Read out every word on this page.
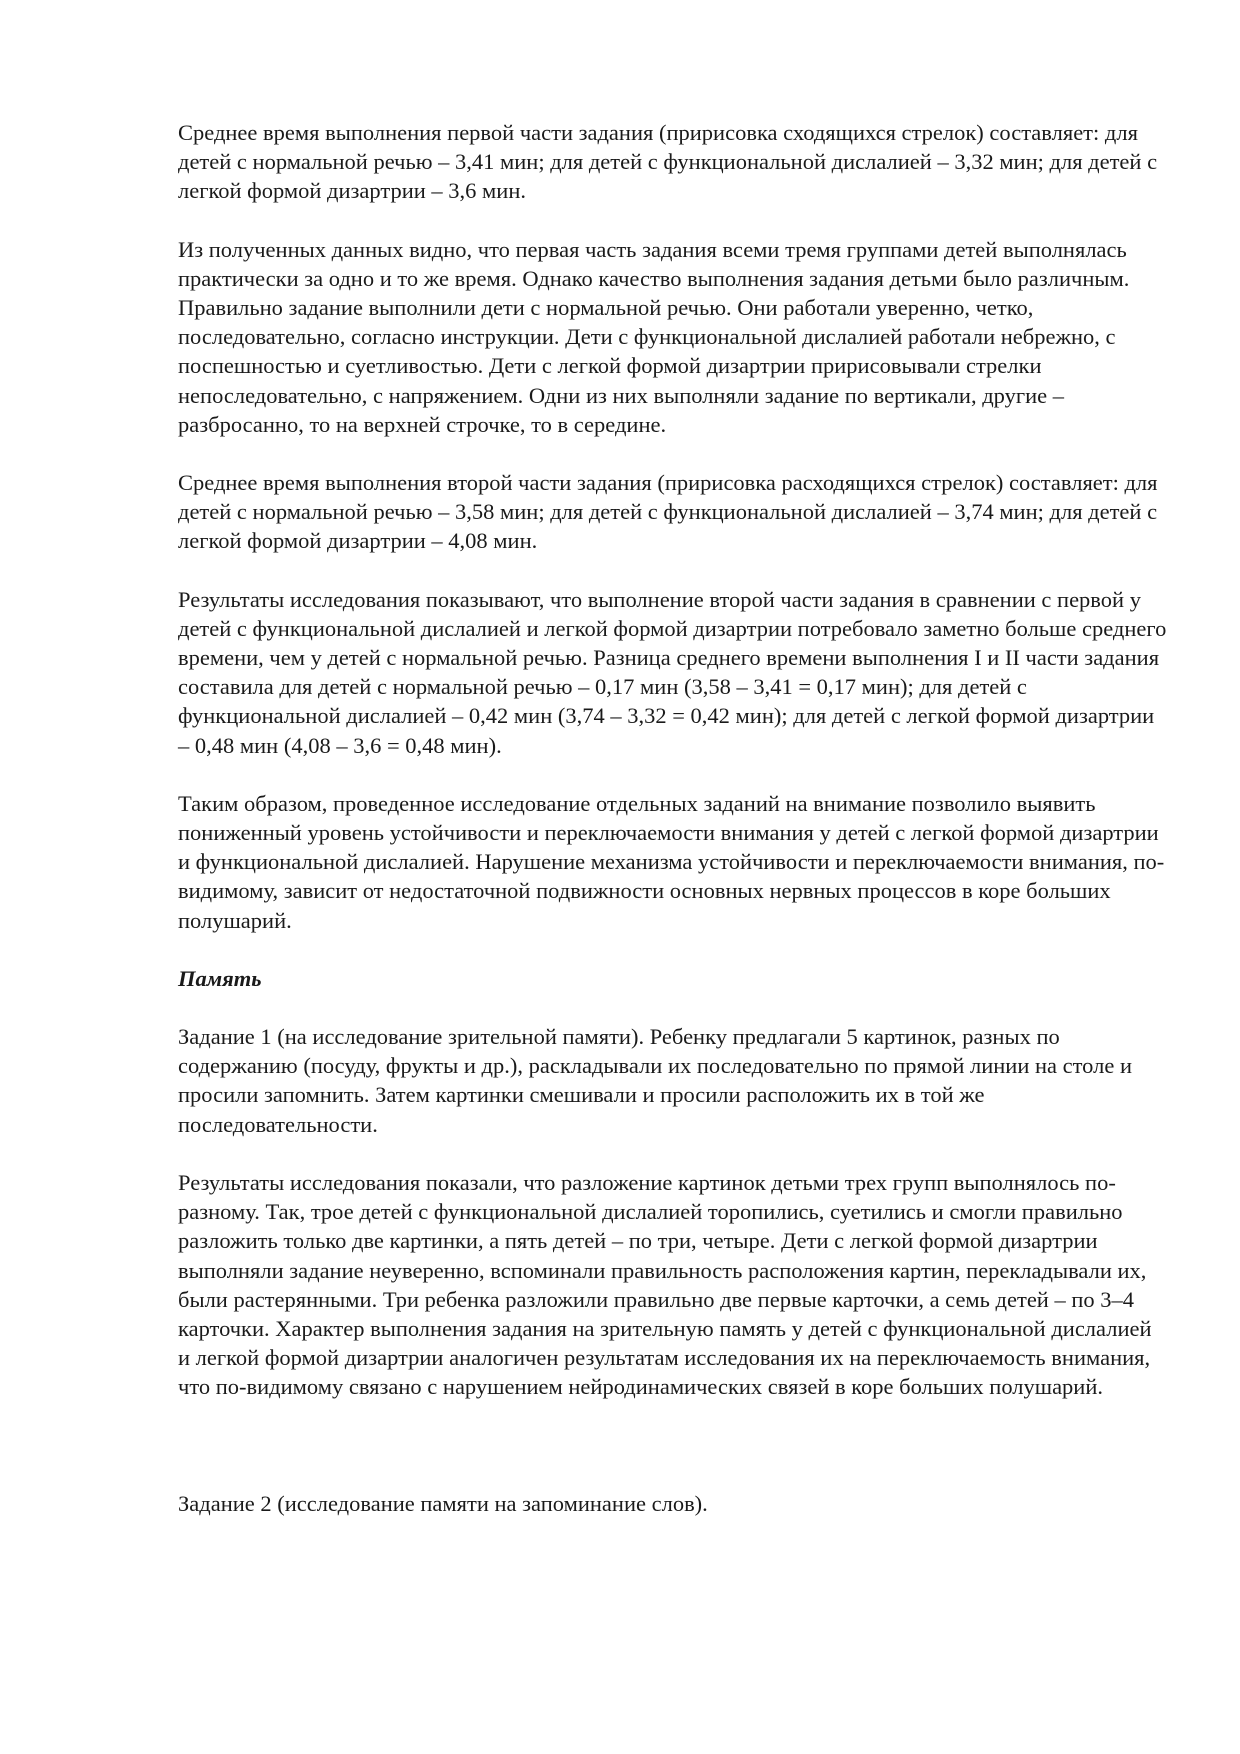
Среднее время выполнения первой части задания (пририсовка сходящихся стрелок) составляет: для детей с нормальной речью – 3,41 мин; для детей с функциональной дислалией – 3,32 мин; для детей с легкой формой дизартрии – 3,6 мин.

Из полученных данных видно, что первая часть задания всеми тремя группами детей выполнялась практически за одно и то же время. Однако качество выполнения задания детьми было различным. Правильно задание выполнили дети с нормальной речью. Они работали уверенно, четко, последовательно, согласно инструкции. Дети с функциональной дислалией работали небрежно, с поспешностью и суетливостью. Дети с легкой формой дизартрии пририсовывали стрелки непоследовательно, с напряжением. Одни из них выполняли задание по вертикали, другие – разбросанно, то на верхней строчке, то в середине.

Среднее время выполнения второй части задания (пририсовка расходящихся стрелок) составляет: для детей с нормальной речью – 3,58 мин; для детей с функциональной дислалией – 3,74 мин; для детей с легкой формой дизартрии – 4,08 мин.

Результаты исследования показывают, что выполнение второй части задания в сравнении с первой у детей с функциональной дислалией и легкой формой дизартрии потребовало заметно больше среднего времени, чем у детей с нормальной речью. Разница среднего времени выполнения I и II части задания составила для детей с нормальной речью – 0,17 мин (3,58 – 3,41 = 0,17 мин); для детей с функциональной дислалией – 0,42 мин (3,74 – 3,32 = 0,42 мин); для детей с легкой формой дизартрии – 0,48 мин (4,08 – 3,6 = 0,48 мин).

Таким образом, проведенное исследование отдельных заданий на внимание позволило выявить пониженный уровень устойчивости и переключаемости внимания у детей с легкой формой дизартрии и функциональной дислалией. Нарушение механизма устойчивости и переключаемости внимания, по-видимому, зависит от недостаточной подвижности основных нервных процессов в коре больших полушарий.

Память

Задание 1 (на исследование зрительной памяти). Ребенку предлагали 5 картинок, разных по содержанию (посуду, фрукты и др.), раскладывали их последовательно по прямой линии на столе и просили запомнить. Затем картинки смешивали и просили расположить их в той же последовательности.

Результаты исследования показали, что разложение картинок детьми трех групп выполнялось по-разному. Так, трое детей с функциональной дислалией торопились, суетились и смогли правильно разложить только две картинки, а пять детей – по три, четыре. Дети с легкой формой дизартрии выполняли задание неуверенно, вспоминали правильность расположения картин, перекладывали их, были растерянными. Три ребенка разложили правильно две первые карточки, а семь детей – по 3–4 карточки. Характер выполнения задания на зрительную память у детей с функциональной дислалией и легкой формой дизартрии аналогичен результатам исследования их на переключаемость внимания, что по-видимому связано с нарушением нейродинамических связей в коре больших полушарий.

Задание 2 (исследование памяти на запоминание слов).
